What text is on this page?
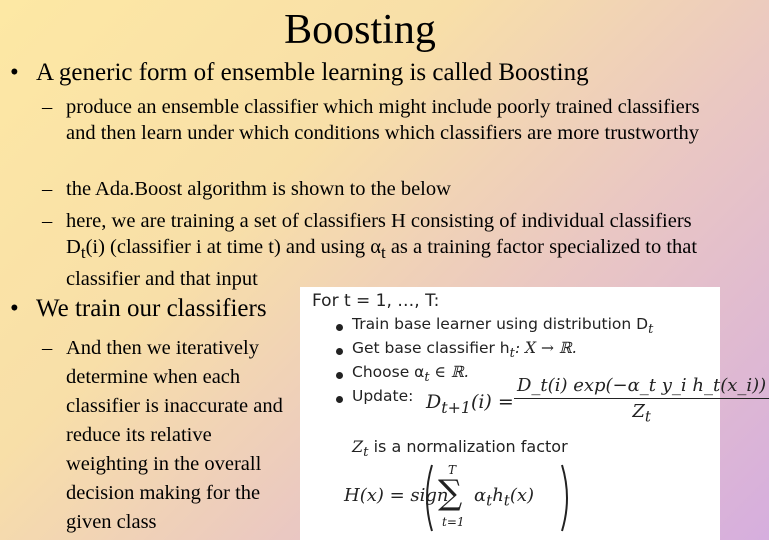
Boosting
• A generic form of ensemble learning is called Boosting
– produce an ensemble classifier which might include poorly trained classifiers and then learn under which conditions which classifiers are more trustworthy
– the Ada.Boost algorithm is shown to the below
– here, we are training a set of classifiers H consisting of individual classifiers $D_t(i)$ (classifier i at time t) and using $\alpha_t$ as a training factor specialized to that classifier and that input
• We train our classifiers
– And then we iteratively determine when each classifier is inaccurate and reduce its relative weighting in the overall decision making for the given class
For t = 1, …, T:
Train base learner using distribution $D_t$
Get base classifier $h_t$: X → ℝ.
Choose $\alpha_t$ ∈ ℝ.
Update: $D_{t+1}(i) = \frac{\text{D\_t(i) exp(−α\_t y\_i h\_t(x\_i))}}{Z_t}$
$Z_t$ is a normalization factor
H(x) = sign
T
∑
t=1
$\alpha_th_t(x)$
